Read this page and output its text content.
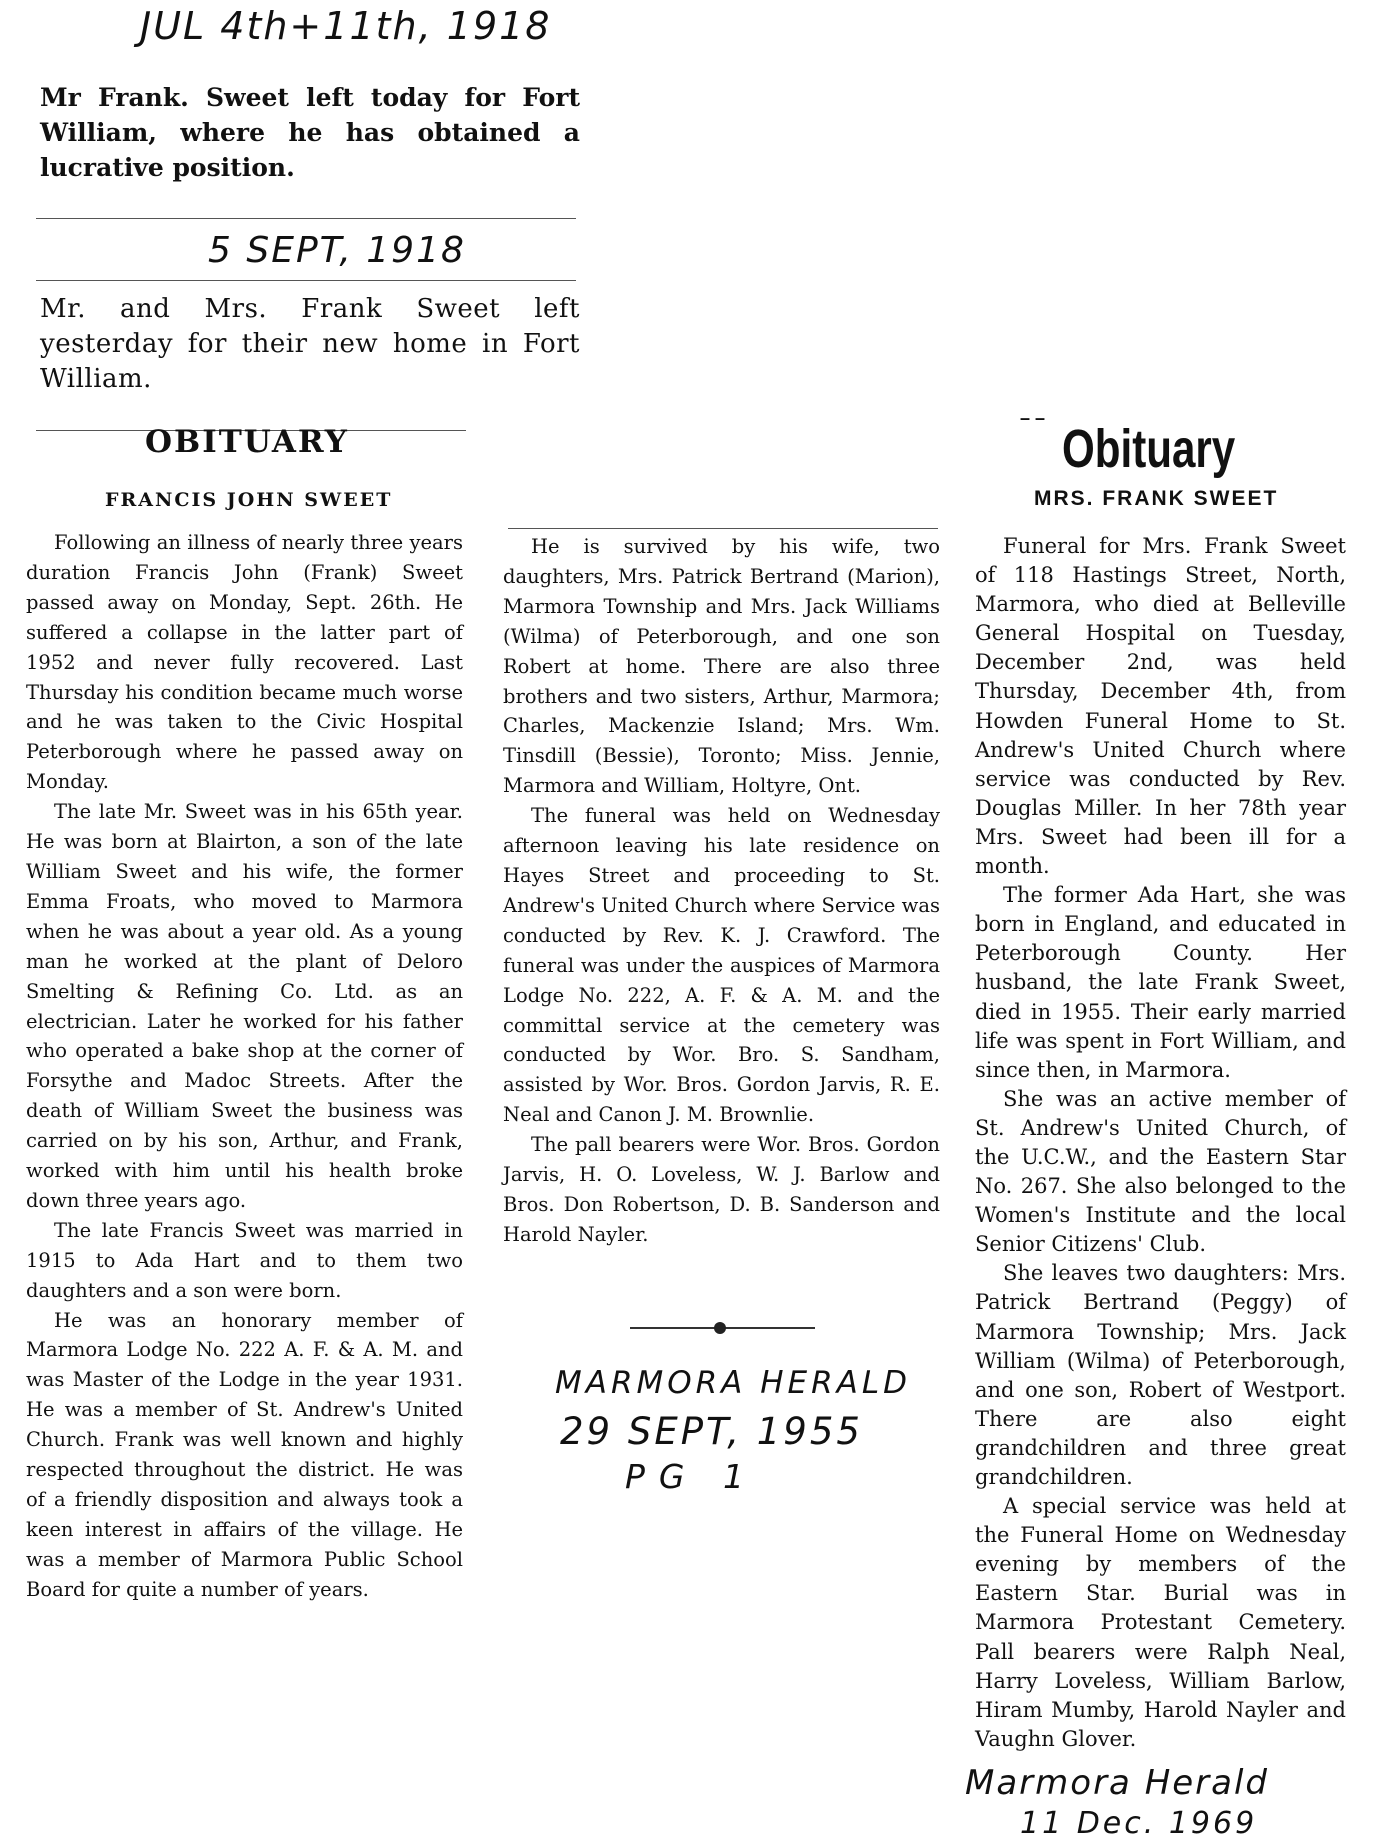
JUL 4th+11th, 1918
Mr Frank. Sweet left today for Fort William, where he has obtained a lucrative position.
5 SEPT, 1918
Mr. and Mrs. Frank Sweet left yesterday for their new home in Fort William.
OBITUARY
FRANCIS JOHN SWEET

Following an illness of nearly three years duration Francis John (Frank) Sweet passed away on Monday, Sept. 26th. He suffered a collapse in the latter part of 1952 and never fully recovered. Last Thursday his condition became much worse and he was taken to the Civic Hospital Peterborough where he passed away on Monday.

The late Mr. Sweet was in his 65th year. He was born at Blairton, a son of the late William Sweet and his wife, the former Emma Froats, who moved to Marmora when he was about a year old. As a young man he worked at the plant of Deloro Smelting & Refining Co. Ltd. as an electrician. Later he worked for his father who operated a bake shop at the corner of Forsythe and Madoc Streets. After the death of William Sweet the business was carried on by his son, Arthur, and Frank, worked with him until his health broke down three years ago.

The late Francis Sweet was married in 1915 to Ada Hart and to them two daughters and a son were born.

He was an honorary member of Marmora Lodge No. 222 A. F. & A. M. and was Master of the Lodge in the year 1931. He was a member of St. Andrew's United Church. Frank was well known and highly respected throughout the district. He was of a friendly disposition and always took a keen interest in affairs of the village. He was a member of Marmora Public School Board for quite a number of years.

He is survived by his wife, two daughters, Mrs. Patrick Bertrand (Marion), Marmora Township and Mrs. Jack Williams (Wilma) of Peterborough, and one son Robert at home. There are also three brothers and two sisters, Arthur, Marmora; Charles, Mackenzie Island; Mrs. Wm. Tinsdill (Bessie), Toronto; Miss. Jennie, Marmora and William, Holtyre, Ont.

The funeral was held on Wednesday afternoon leaving his late residence on Hayes Street and proceeding to St. Andrew's United Church where Service was conducted by Rev. K. J. Crawford. The funeral was under the auspices of Marmora Lodge No. 222, A. F. & A. M. and the committal service at the cemetery was conducted by Wor. Bro. S. Sandham, assisted by Wor. Bros. Gordon Jarvis, R. E. Neal and Canon J. M. Brownlie.

The pall bearers were Wor. Bros. Gordon Jarvis, H. O. Loveless, W. J. Barlow and Bros. Don Robertson, D. B. Sanderson and Harold Nayler.

MARMORA HERALD
29 SEPT, 1955
PG 1
– –
Obituary
MRS. FRANK SWEET

Funeral for Mrs. Frank Sweet of 118 Hastings Street, North, Marmora, who died at Belleville General Hospital on Tuesday, December 2nd, was held Thursday, December 4th, from Howden Funeral Home to St. Andrew's United Church where service was conducted by Rev. Douglas Miller. In her 78th year Mrs. Sweet had been ill for a month.

The former Ada Hart, she was born in England, and educated in Peterborough County. Her husband, the late Frank Sweet, died in 1955. Their early married life was spent in Fort William, and since then, in Marmora.

She was an active member of St. Andrew's United Church, of the U.C.W., and the Eastern Star No. 267. She also belonged to the Women's Institute and the local Senior Citizens' Club.

She leaves two daughters: Mrs. Patrick Bertrand (Peggy) of Marmora Township; Mrs. Jack William (Wilma) of Peterborough, and one son, Robert of Westport. There are also eight grandchildren and three great grandchildren.

A special service was held at the Funeral Home on Wednesday evening by members of the Eastern Star. Burial was in Marmora Protestant Cemetery. Pall bearers were Ralph Neal, Harry Loveless, William Barlow, Hiram Mumby, Harold Nayler and Vaughn Glover.

Marmora Herald
11 Dec. 1969
